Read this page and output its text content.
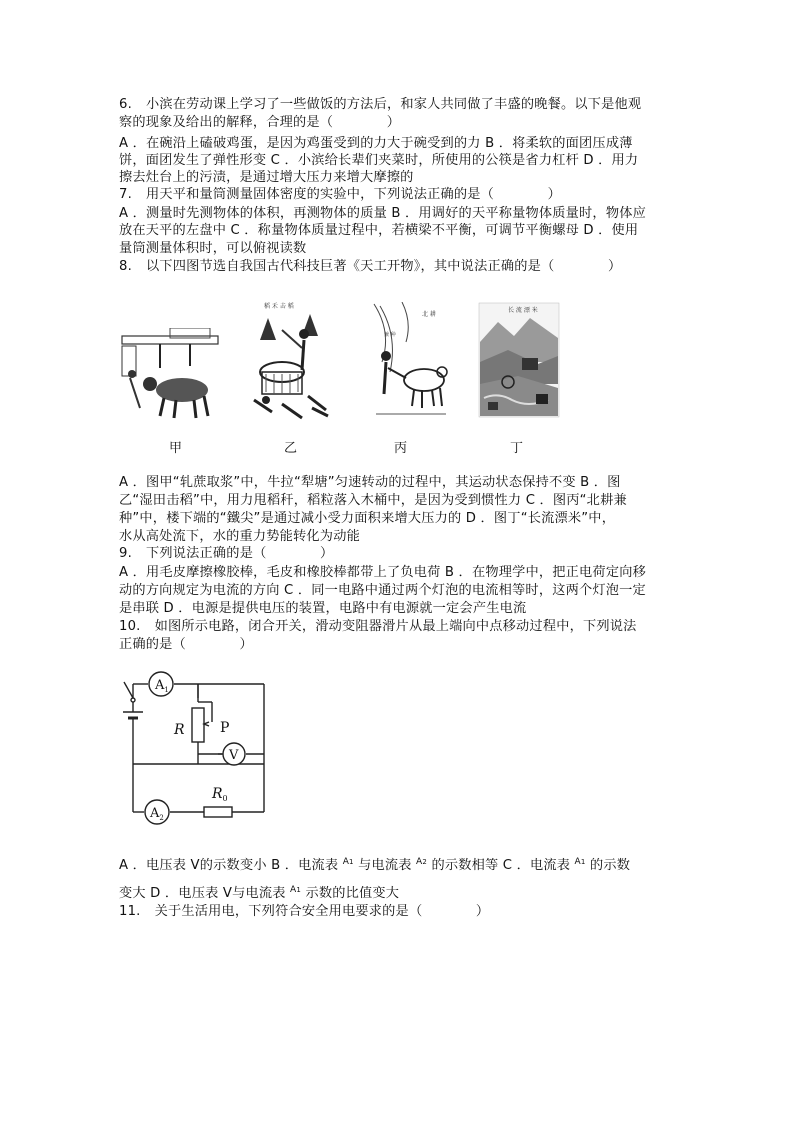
6. 小滨在劳动课上学习了一些做饭的方法后，和家人共同做了丰盛的晚餐。以下是他观
察的现象及给出的解释，合理的是（　　　　）
A ．在碗沿上磕破鸡蛋，是因为鸡蛋受到的力大于碗受到的力 B ．将柔软的面团压成薄
饼，面团发生了弹性形变 C ．小滨给长辈们夹菜时，所使用的公筷是省力杠杆 D ．用力
擦去灶台上的污渍，是通过增大压力来增大摩擦的
7. 用天平和量筒测量固体密度的实验中，下列说法正确的是（　　　　）
A ．测量时先测物体的体积，再测物体的质量 B ．用调好的天平称量物体质量时，物体应
放在天平的左盘中 C ．称量物体质量过程中，若横梁不平衡，可调节平衡螺母 D ．使用
量筒测量体积时，可以俯视读数
8. 以下四图节选自我国古代科技巨著《天工开物》，其中说法正确的是（　　　　）
稻 禾 击 稻
北 耕
兼 种
长 流 漂 米
甲	乙	丙	丁
A ．图甲“轧蔗取浆”中，牛拉“犁塘”匀速转动的过程中，其运动状态保持不变 B ．图
乙“湿田击稻”中，用力甩稻秆，稻粒落入木桶中，是因为受到惯性力 C ．图丙“北耕兼
种”中，楼下端的“鐵尖”是通过减小受力面积来增大压力的 D ．图丁“长流漂米”中，
水从高处流下，水的重力势能转化为动能
9. 下列说法正确的是（　　　　）
A ．用毛皮摩擦橡胶棒，毛皮和橡胶棒都带上了负电荷 B ．在物理学中，把正电荷定向移
动的方向规定为电流的方向 C ．同一电路中通过两个灯泡的电流相等时，这两个灯泡一定
是串联 D ．电源是提供电压的装置，电路中有电源就一定会产生电流
10. 如图所示电路，闭合开关，滑动变阻器滑片从最上端向中点移动过程中，下列说法
正确的是（　　　　）
$A_1$
V
$A_2$
R	P
$R_0$
A ．电压表 V的示数变小 B ．电流表 $^{A1}$ 与电流表 $^{A2}$ 的示数相等 C ．电流表 $^{A1}$ 的示数
变大 D ．电压表 V与电流表 $^{A1}$ 示数的比值变大
11. 关于生活用电，下列符合安全用电要求的是（　　　　）
